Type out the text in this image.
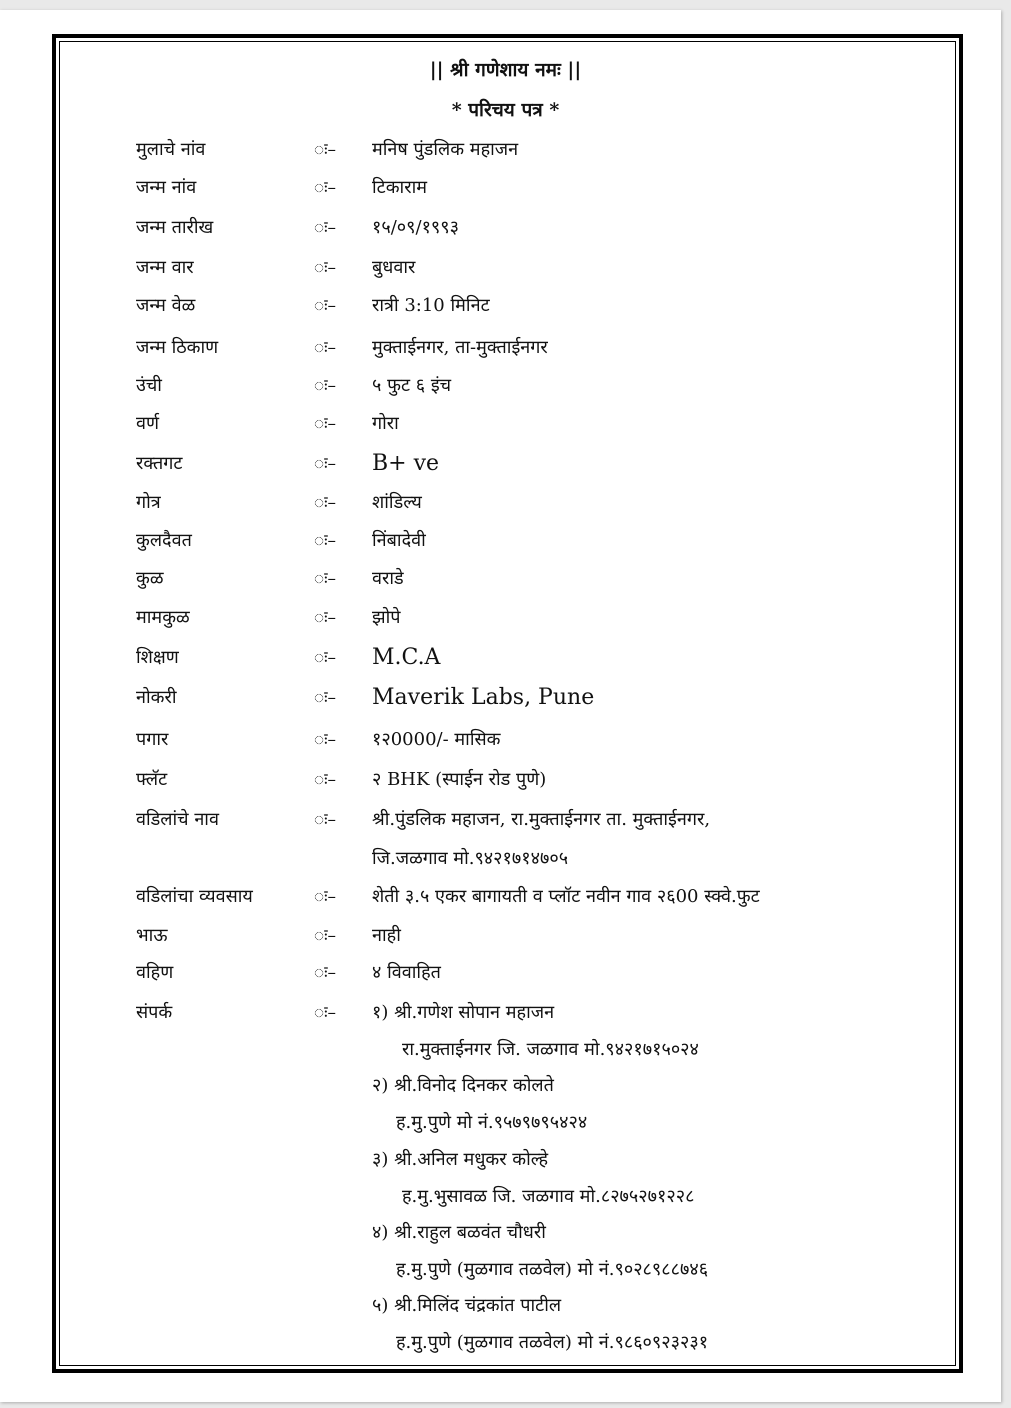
|| श्री गणेशाय नमः ||
* परिचय पत्र *
मुलाचे नांव	ः– मनिष पुंडलिक महाजन
जन्म नांव	ः– टिकाराम
जन्म तारीख	ः– १५/०९/१९९३
जन्म वार	ः– बुधवार
जन्म वेळ	ः– रात्री 3:10 मिनिट
जन्म ठिकाण	ः– मुक्ताईनगर, ता-मुक्ताईनगर
उंची	ः– ५ फुट ६ इंच
वर्ण	ः– गोरा
रक्तगट	ः– B+ ve
गोत्र	ः– शांडिल्य
कुलदैवत	ः– निंबादेवी
कुळ	ः– वराडे
मामकुळ	ः– झोपे
शिक्षण	ः– M.C.A
नोकरी	ः– Maverik Labs, Pune
पगार	ः– १२0000/- मासिक
फ्लॅट	ः– २ BHK (स्पाईन रोड पुणे)
वडिलांचे नाव	ः– श्री.पुंडलिक महाजन, रा.मुक्ताईनगर ता. मुक्ताईनगर,
जि.जळगाव मो.९४२१७१४७०५
वडिलांचा व्यवसाय	ः– शेती ३.५ एकर बागायती व प्लॉट नवीन गाव २६00 स्क्वे.फुट
भाऊ	ः– नाही
वहिण	ः– ४ विवाहित
संपर्क	ः– १) श्री.गणेश सोपान महाजन
रा.मुक्ताईनगर जि. जळगाव मो.९४२१७१५०२४
२) श्री.विनोद दिनकर कोलते
ह.मु.पुणे मो नं.९५७९७९५४२४
३) श्री.अनिल मधुकर कोल्हे
ह.मु.भुसावळ जि. जळगाव मो.८२७५२७१२२८
४) श्री.राहुल बळवंत चौधरी
ह.मु.पुणे (मुळगाव तळवेल) मो नं.९०२८९८८७४६
५) श्री.मिलिंद चंद्रकांत पाटील
ह.मु.पुणे (मुळगाव तळवेल) मो नं.९८६०९२३२३१
